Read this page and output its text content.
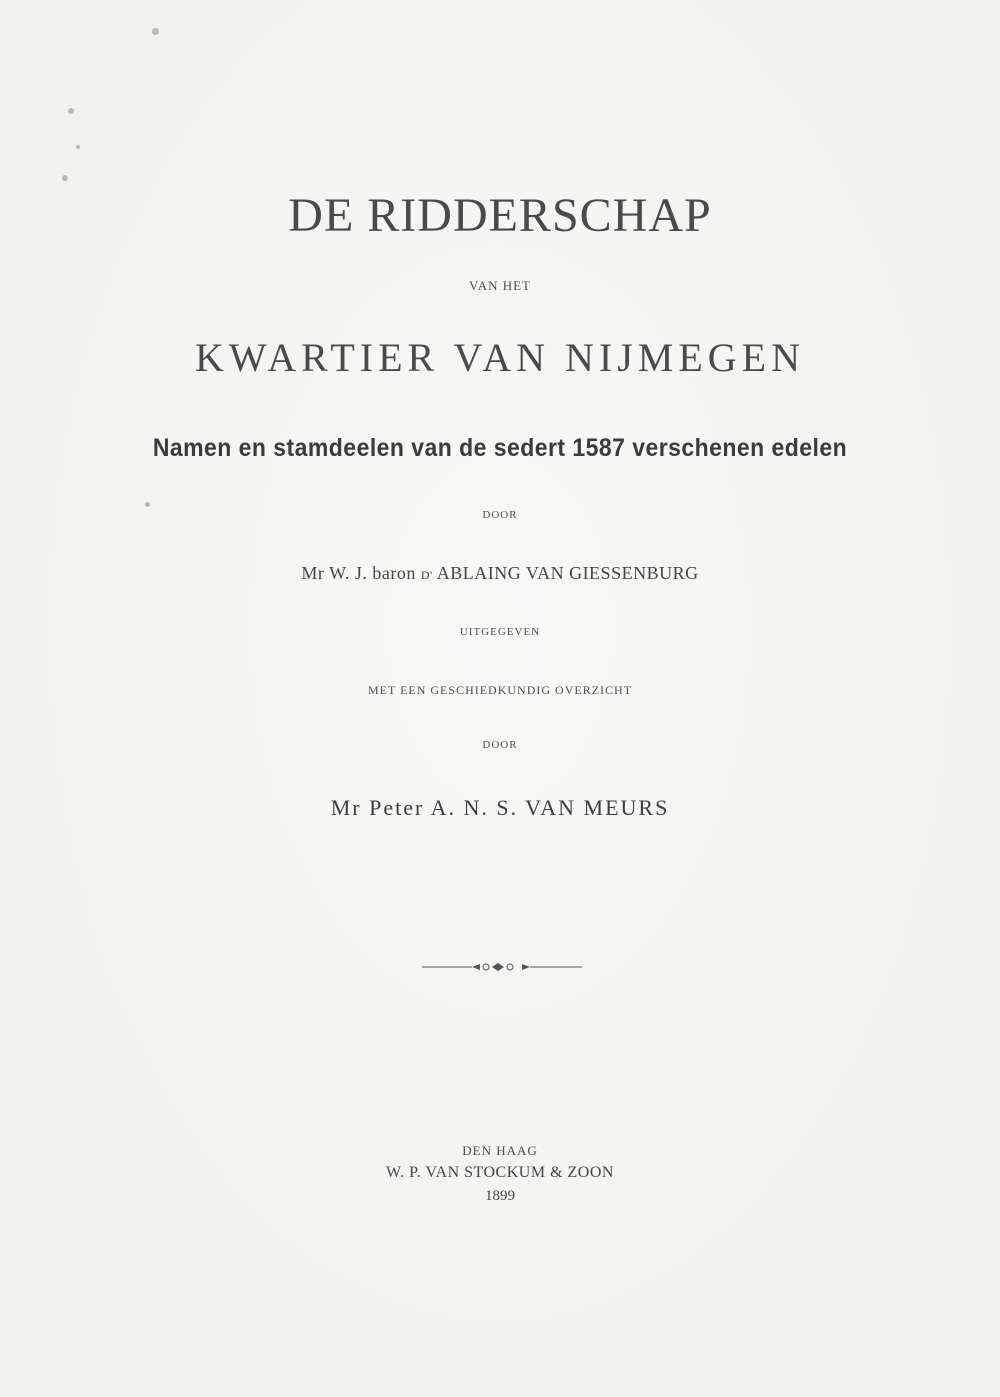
DE RIDDERSCHAP
VAN HET
KWARTIER VAN NIJMEGEN
Namen en stamdeelen van de sedert 1587 verschenen edelen
DOOR
Mr W. J. baron D' ABLAING VAN GIESSENBURG
UITGEGEVEN
MET EEN GESCHIEDKUNDIG OVERZICHT
DOOR
Mr Peter A. N. S. VAN MEURS
DEN HAAG
W. P. VAN STOCKUM & ZOON
1899
